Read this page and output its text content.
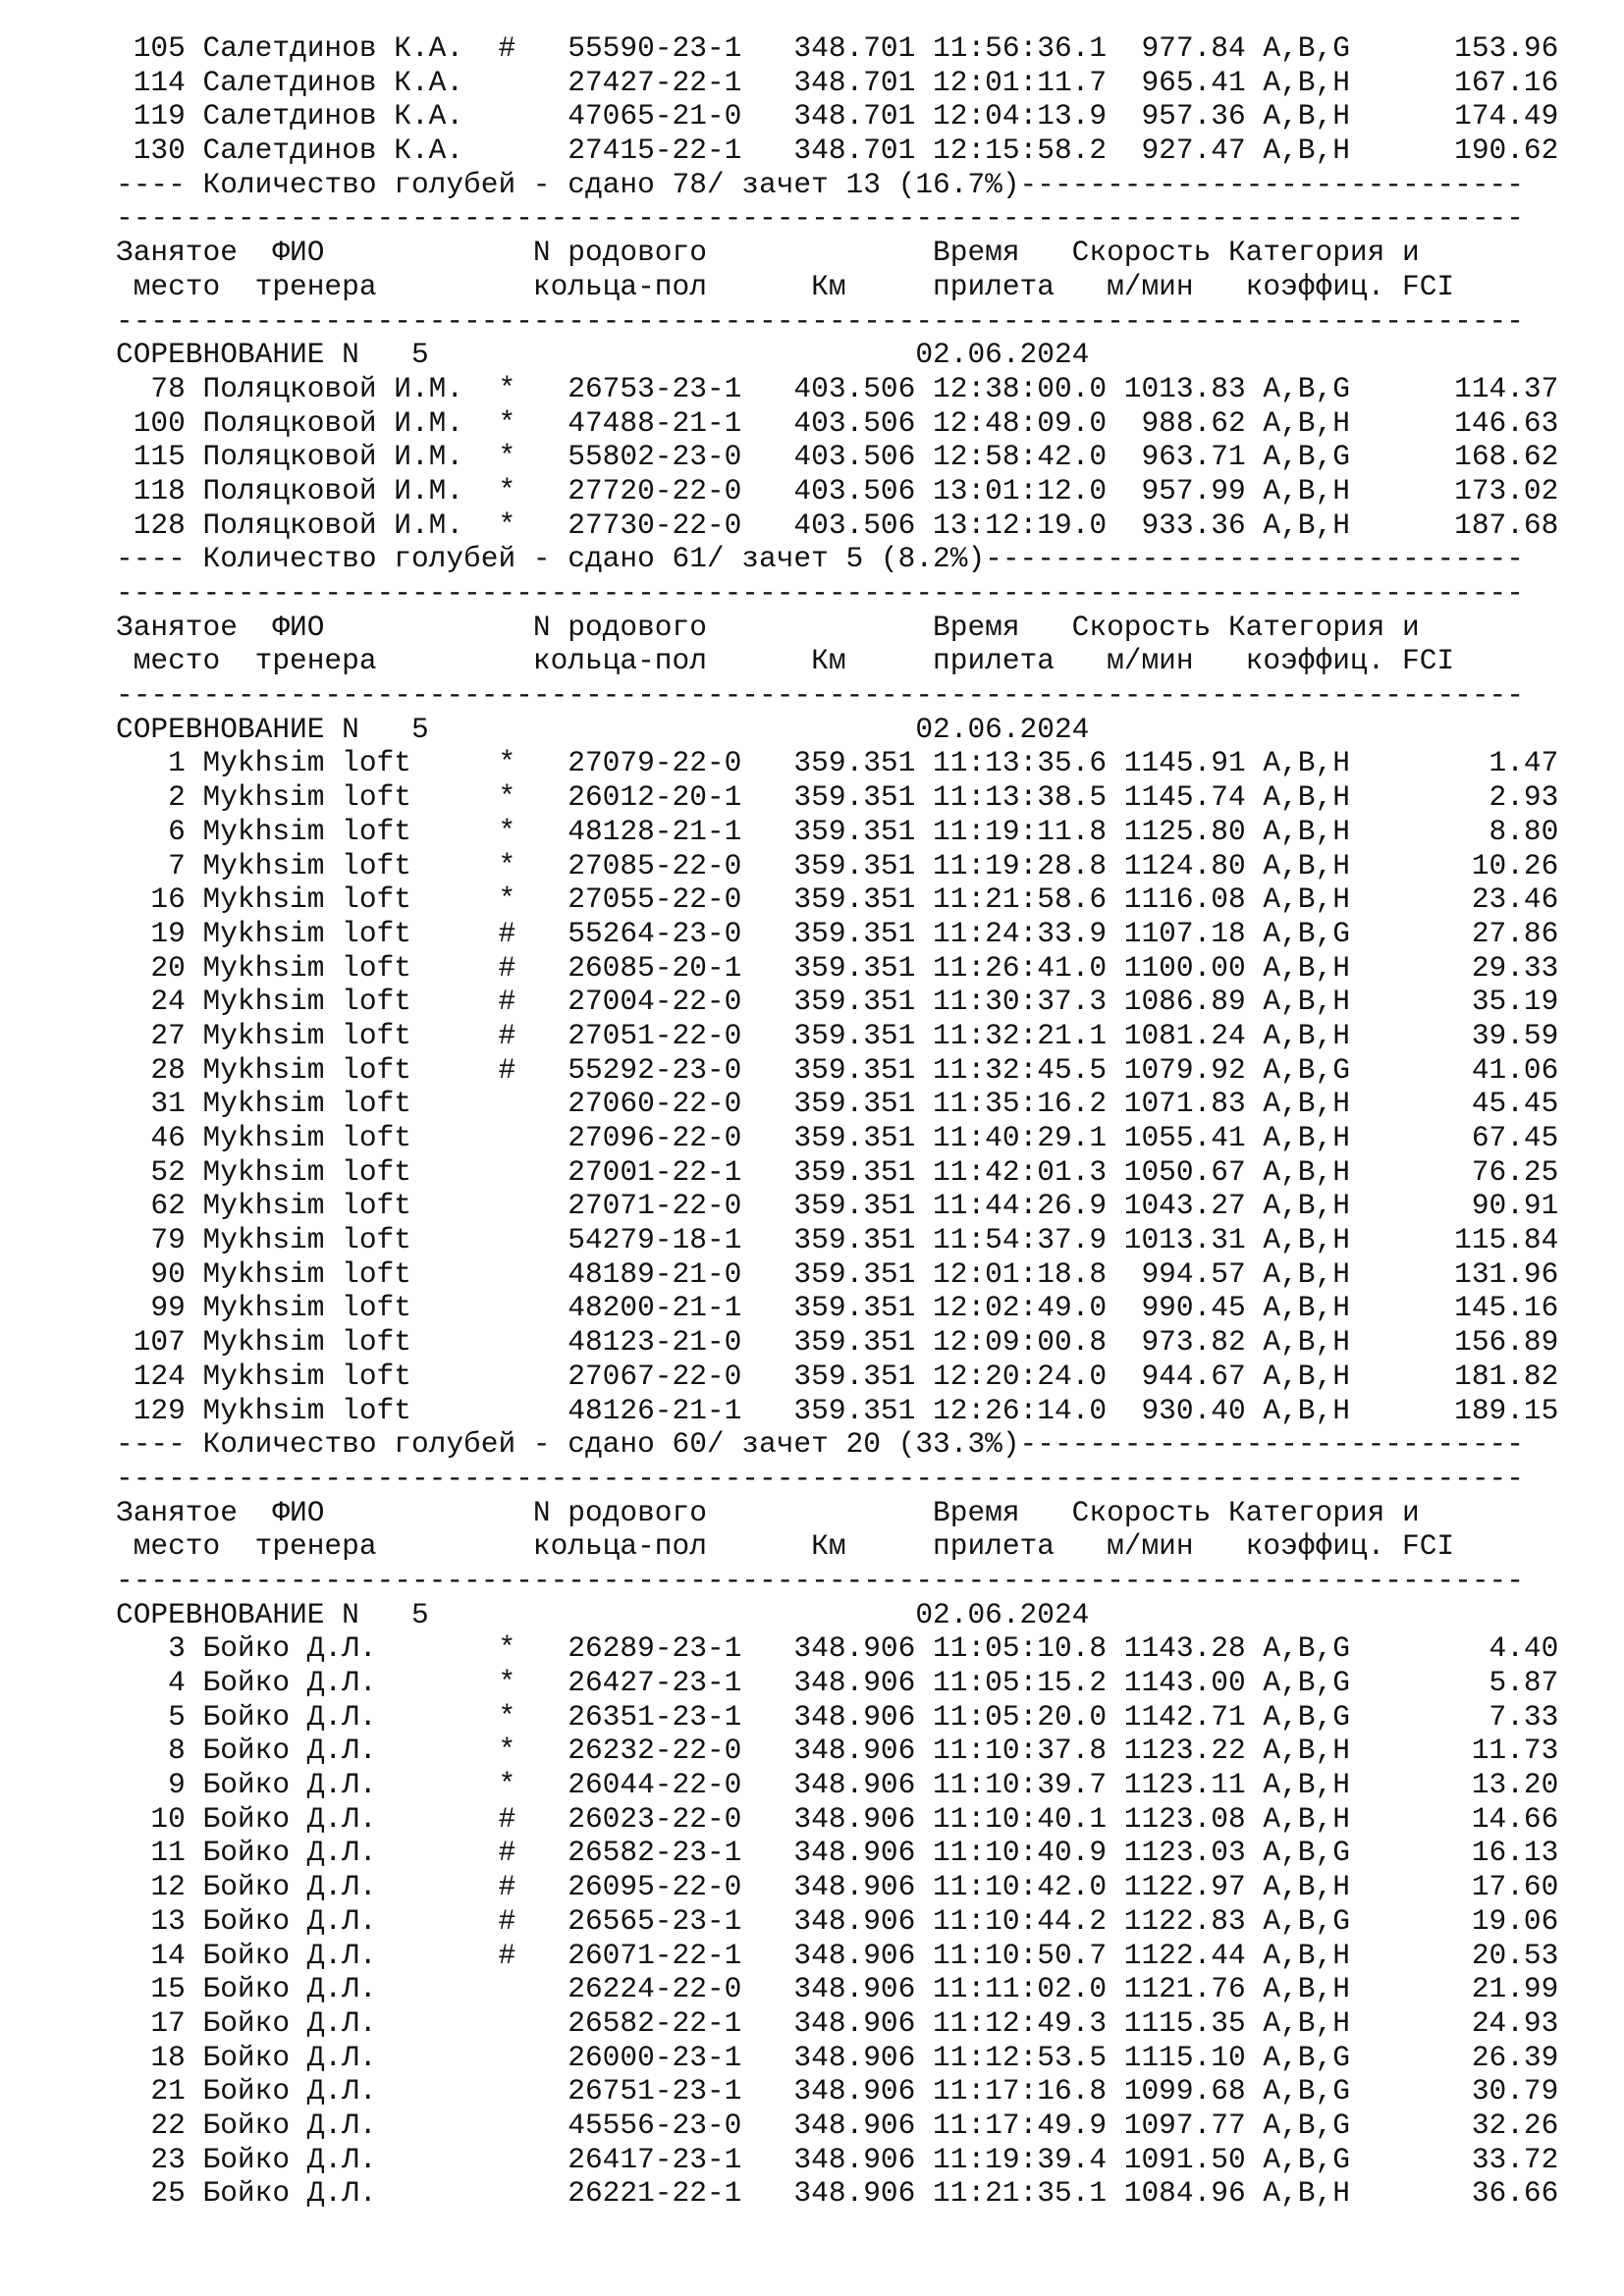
105 Салетдинов К.А.  #   55590-23-1   348.701 11:56:36.1  977.84 A,B,G      153.96
114 Салетдинов К.А.      27427-22-1   348.701 12:01:11.7  965.41 A,B,H      167.16
119 Салетдинов К.А.      47065-21-0   348.701 12:04:13.9  957.36 A,B,H      174.49
130 Салетдинов К.А.      27415-22-1   348.701 12:15:58.2  927.47 A,B,H      190.62
---- Количество голубей - сдано 78/ зачет 13 (16.7%)-----------------------------
---------------------------------------------------------------------------------
Занятое  ФИО            N родового             Время   Скорость Категория и
место  тренера         кольца-пол      Км     прилета   м/мин   коэффиц. FCI
---------------------------------------------------------------------------------
СОРЕВНОВАНИЕ N   5                            02.06.2024
78 Поляцковой И.М.  *   26753-23-1   403.506 12:38:00.0 1013.83 A,B,G      114.37
100 Поляцковой И.М.  *   47488-21-1   403.506 12:48:09.0  988.62 A,B,H      146.63
115 Поляцковой И.М.  *   55802-23-0   403.506 12:58:42.0  963.71 A,B,G      168.62
118 Поляцковой И.М.  *   27720-22-0   403.506 13:01:12.0  957.99 A,B,H      173.02
128 Поляцковой И.М.  *   27730-22-0   403.506 13:12:19.0  933.36 A,B,H      187.68
---- Количество голубей - сдано 61/ зачет 5 (8.2%)-------------------------------
---------------------------------------------------------------------------------
Занятое  ФИО            N родового             Время   Скорость Категория и
место  тренера         кольца-пол      Км     прилета   м/мин   коэффиц. FCI
---------------------------------------------------------------------------------
СОРЕВНОВАНИЕ N   5                            02.06.2024
1 Mykhsim loft     *   27079-22-0   359.351 11:13:35.6 1145.91 A,B,H        1.47
2 Mykhsim loft     *   26012-20-1   359.351 11:13:38.5 1145.74 A,B,H        2.93
6 Mykhsim loft     *   48128-21-1   359.351 11:19:11.8 1125.80 A,B,H        8.80
7 Mykhsim loft     *   27085-22-0   359.351 11:19:28.8 1124.80 A,B,H       10.26
16 Mykhsim loft     *   27055-22-0   359.351 11:21:58.6 1116.08 A,B,H       23.46
19 Mykhsim loft     #   55264-23-0   359.351 11:24:33.9 1107.18 A,B,G       27.86
20 Mykhsim loft     #   26085-20-1   359.351 11:26:41.0 1100.00 A,B,H       29.33
24 Mykhsim loft     #   27004-22-0   359.351 11:30:37.3 1086.89 A,B,H       35.19
27 Mykhsim loft     #   27051-22-0   359.351 11:32:21.1 1081.24 A,B,H       39.59
28 Mykhsim loft     #   55292-23-0   359.351 11:32:45.5 1079.92 A,B,G       41.06
31 Mykhsim loft         27060-22-0   359.351 11:35:16.2 1071.83 A,B,H       45.45
46 Mykhsim loft         27096-22-0   359.351 11:40:29.1 1055.41 A,B,H       67.45
52 Mykhsim loft         27001-22-1   359.351 11:42:01.3 1050.67 A,B,H       76.25
62 Mykhsim loft         27071-22-0   359.351 11:44:26.9 1043.27 A,B,H       90.91
79 Mykhsim loft         54279-18-1   359.351 11:54:37.9 1013.31 A,B,H      115.84
90 Mykhsim loft         48189-21-0   359.351 12:01:18.8  994.57 A,B,H      131.96
99 Mykhsim loft         48200-21-1   359.351 12:02:49.0  990.45 A,B,H      145.16
107 Mykhsim loft         48123-21-0   359.351 12:09:00.8  973.82 A,B,H      156.89
124 Mykhsim loft         27067-22-0   359.351 12:20:24.0  944.67 A,B,H      181.82
129 Mykhsim loft         48126-21-1   359.351 12:26:14.0  930.40 A,B,H      189.15
---- Количество голубей - сдано 60/ зачет 20 (33.3%)-----------------------------
---------------------------------------------------------------------------------
Занятое  ФИО            N родового             Время   Скорость Категория и
место  тренера         кольца-пол      Км     прилета   м/мин   коэффиц. FCI
---------------------------------------------------------------------------------
СОРЕВНОВАНИЕ N   5                            02.06.2024
3 Бойко Д.Л.       *   26289-23-1   348.906 11:05:10.8 1143.28 A,B,G        4.40
4 Бойко Д.Л.       *   26427-23-1   348.906 11:05:15.2 1143.00 A,B,G        5.87
5 Бойко Д.Л.       *   26351-23-1   348.906 11:05:20.0 1142.71 A,B,G        7.33
8 Бойко Д.Л.       *   26232-22-0   348.906 11:10:37.8 1123.22 A,B,H       11.73
9 Бойко Д.Л.       *   26044-22-0   348.906 11:10:39.7 1123.11 A,B,H       13.20
10 Бойко Д.Л.       #   26023-22-0   348.906 11:10:40.1 1123.08 A,B,H       14.66
11 Бойко Д.Л.       #   26582-23-1   348.906 11:10:40.9 1123.03 A,B,G       16.13
12 Бойко Д.Л.       #   26095-22-0   348.906 11:10:42.0 1122.97 A,B,H       17.60
13 Бойко Д.Л.       #   26565-23-1   348.906 11:10:44.2 1122.83 A,B,G       19.06
14 Бойко Д.Л.       #   26071-22-1   348.906 11:10:50.7 1122.44 A,B,H       20.53
15 Бойко Д.Л.           26224-22-0   348.906 11:11:02.0 1121.76 A,B,H       21.99
17 Бойко Д.Л.           26582-22-1   348.906 11:12:49.3 1115.35 A,B,H       24.93
18 Бойко Д.Л.           26000-23-1   348.906 11:12:53.5 1115.10 A,B,G       26.39
21 Бойко Д.Л.           26751-23-1   348.906 11:17:16.8 1099.68 A,B,G       30.79
22 Бойко Д.Л.           45556-23-0   348.906 11:17:49.9 1097.77 A,B,G       32.26
23 Бойко Д.Л.           26417-23-1   348.906 11:19:39.4 1091.50 A,B,G       33.72
25 Бойко Д.Л.           26221-22-1   348.906 11:21:35.1 1084.96 A,B,H       36.66
